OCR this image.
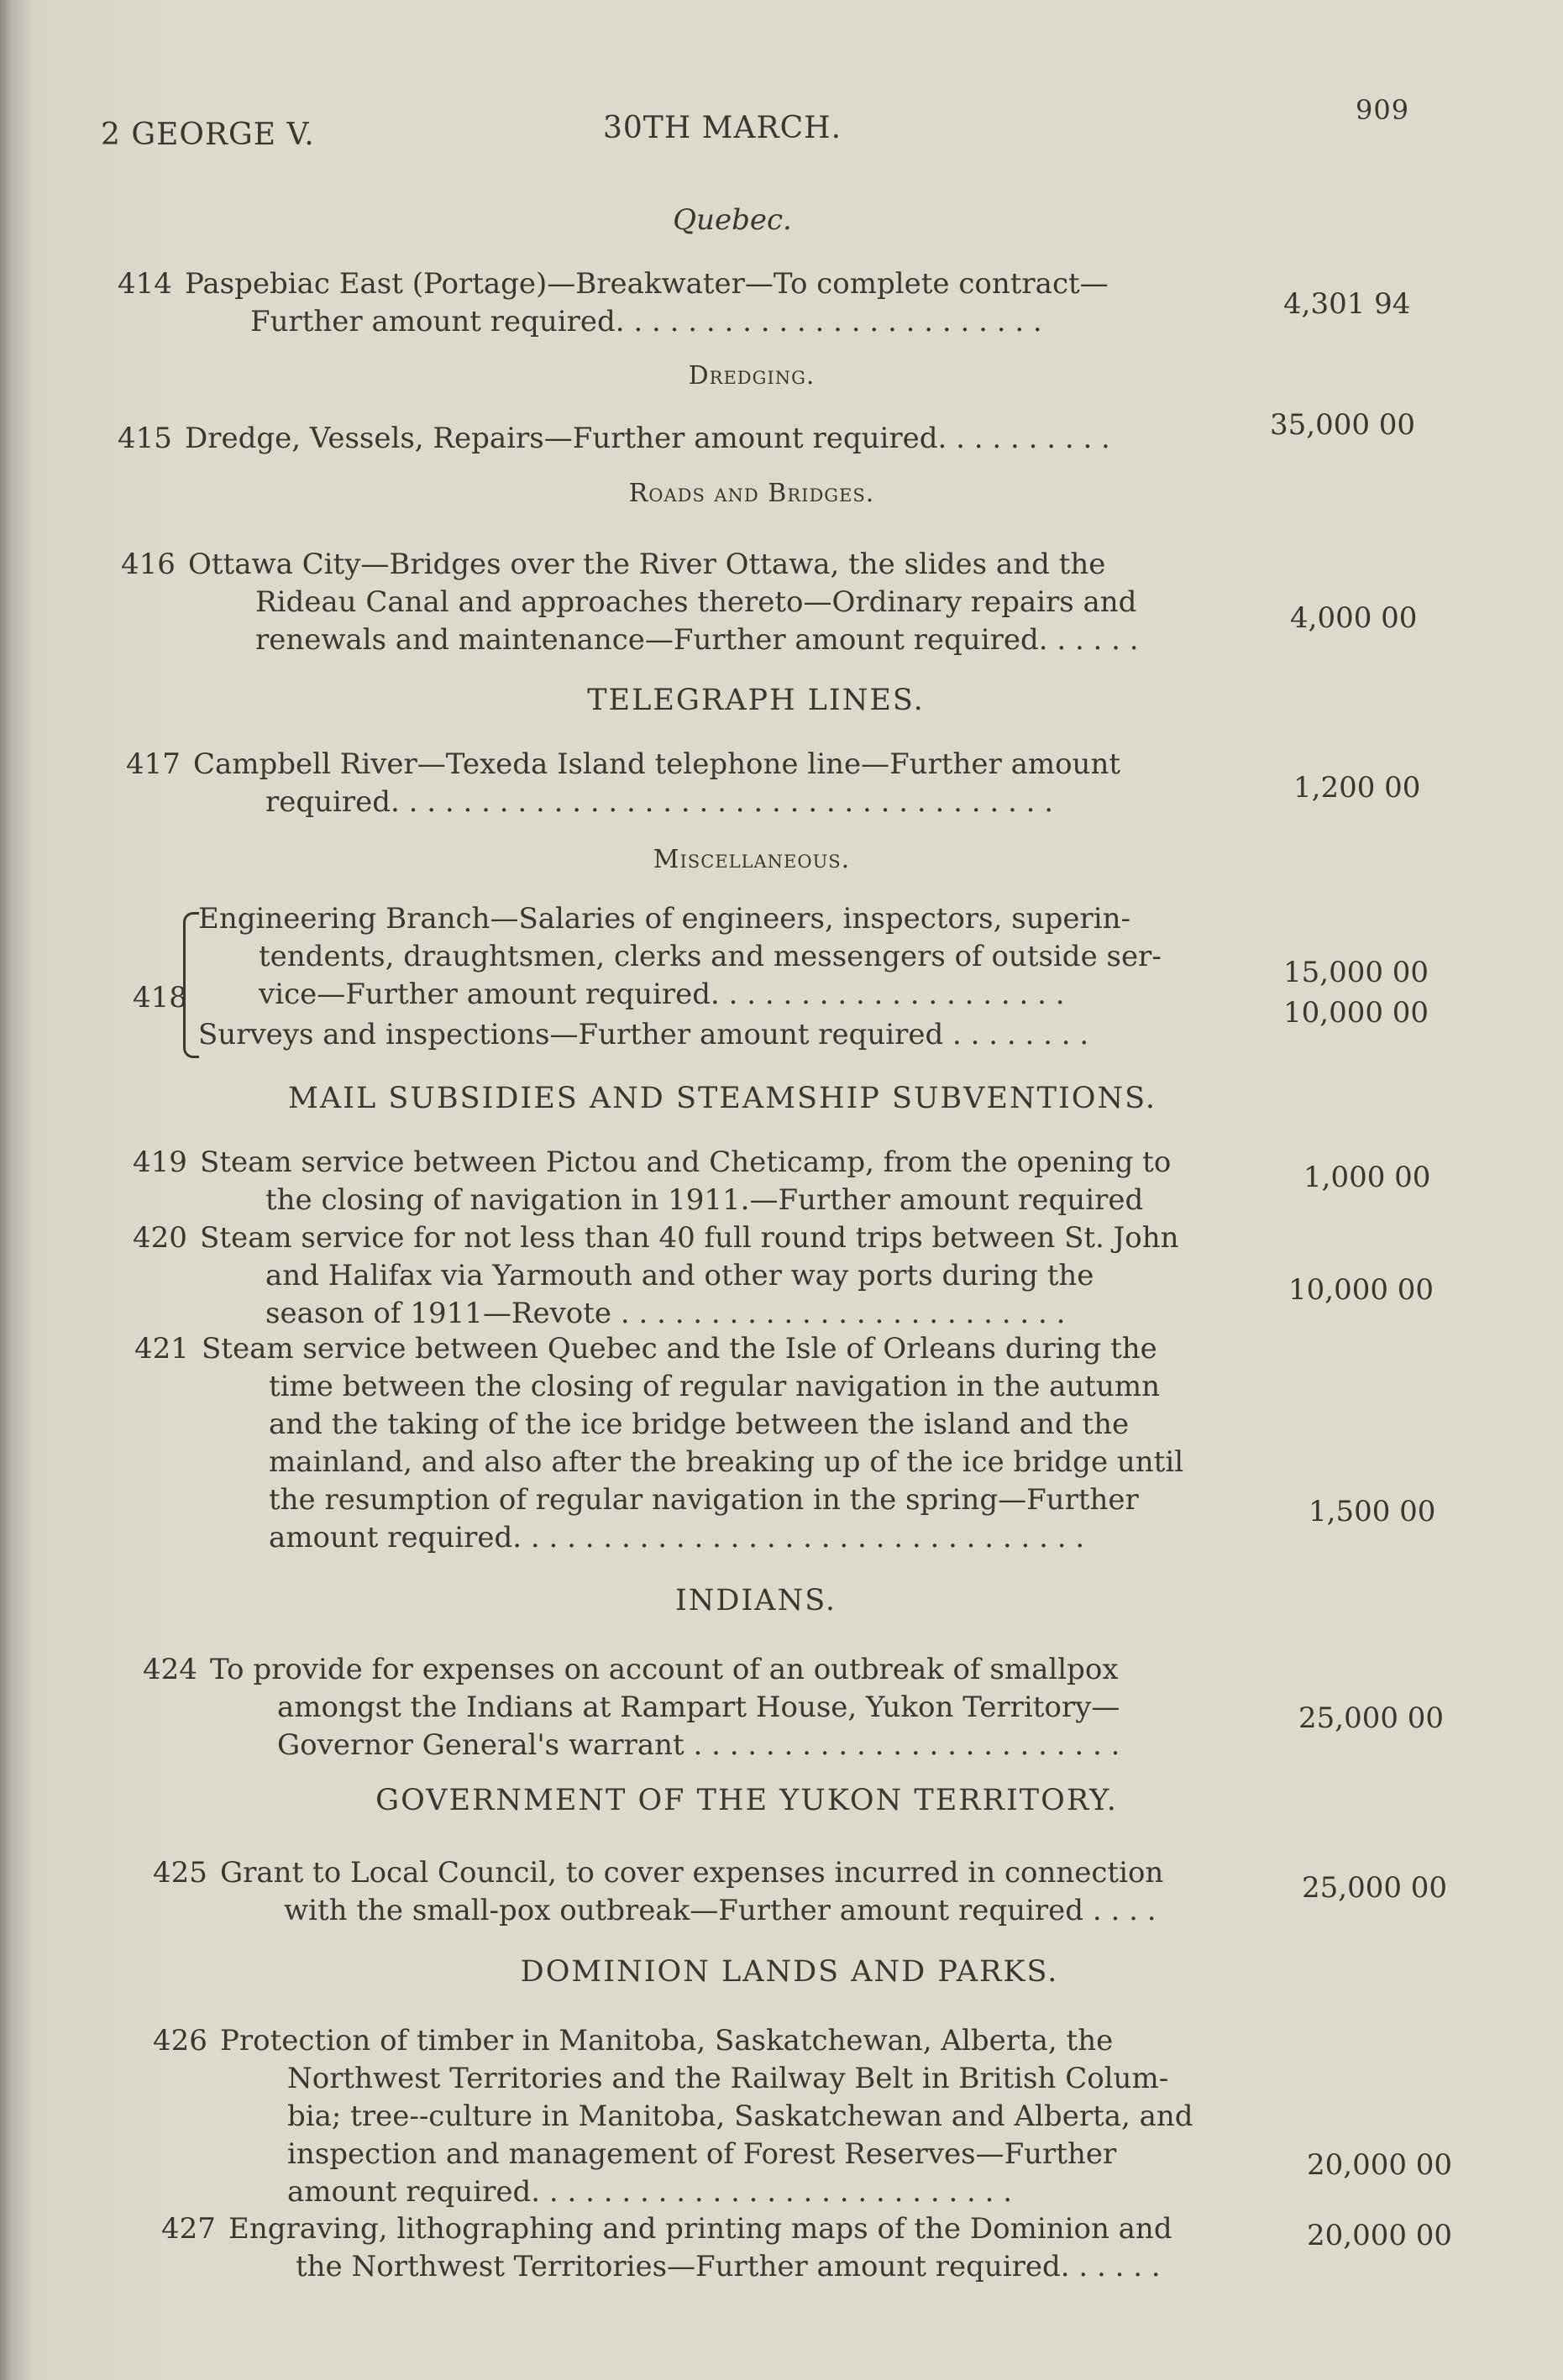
2 GEORGE V.	30TH MARCH.
909
Quebec.
414 Paspebiac East (Portage)—Breakwater—To complete contract—
Further amount required. . . . . . . . . . . . . . . . . . . . . . . .
4,301 94
Dredging.
415 Dredge, Vessels, Repairs—Further amount required. . . . . . . . . .	35,000 00
Roads and Bridges.
416 Ottawa City—Bridges over the River Ottawa, the slides and the
Rideau Canal and approaches thereto—Ordinary repairs and
renewals and maintenance—Further amount required. . . . . .
4,000 00
TELEGRAPH LINES.
417 Campbell River—Texeda Island telephone line—Further amount
required. . . . . . . . . . . . . . . . . . . . . . . . . . . . . . . . . . . . .	1,200 00
Miscellaneous.
418
Engineering Branch—Salaries of engineers, inspectors, superin-
tendents, draughtsmen, clerks and messengers of outside ser-
vice—Further amount required. . . . . . . . . . . . . . . . . . . .
Surveys and inspections—Further amount required . . . . . . . .
15,000 00
10,000 00
MAIL SUBSIDIES AND STEAMSHIP SUBVENTIONS.
419 Steam service between Pictou and Cheticamp, from the opening to
the closing of navigation in 1911.—Further amount required
1,000 00
420 Steam service for not less than 40 full round trips between St. John
and Halifax via Yarmouth and other way ports during the
season of 1911—Revote . . . . . . . . . . . . . . . . . . . . . . . . .
10,000 00
421 Steam service between Quebec and the Isle of Orleans during the
time between the closing of regular navigation in the autumn
and the taking of the ice bridge between the island and the
mainland, and also after the breaking up of the ice bridge until
the resumption of regular navigation in the spring—Further
amount required. . . . . . . . . . . . . . . . . . . . . . . . . . . . . . . .
1,500 00
INDIANS.
424 To provide for expenses on account of an outbreak of smallpox
amongst the Indians at Rampart House, Yukon Territory—
Governor General's warrant . . . . . . . . . . . . . . . . . . . . . . . .
25,000 00
GOVERNMENT OF THE YUKON TERRITORY.
425 Grant to Local Council, to cover expenses incurred in connection
with the small-pox outbreak—Further amount required . . . .
25,000 00
DOMINION LANDS AND PARKS.
426 Protection of timber in Manitoba, Saskatchewan, Alberta, the
Northwest Territories and the Railway Belt in British Colum-
bia; tree--culture in Manitoba, Saskatchewan and Alberta, and
inspection and management of Forest Reserves—Further
amount required. . . . . . . . . . . . . . . . . . . . . . . . . . .
20,000 00
427 Engraving, lithographing and printing maps of the Dominion and
the Northwest Territories—Further amount required. . . . . .
20,000 00
